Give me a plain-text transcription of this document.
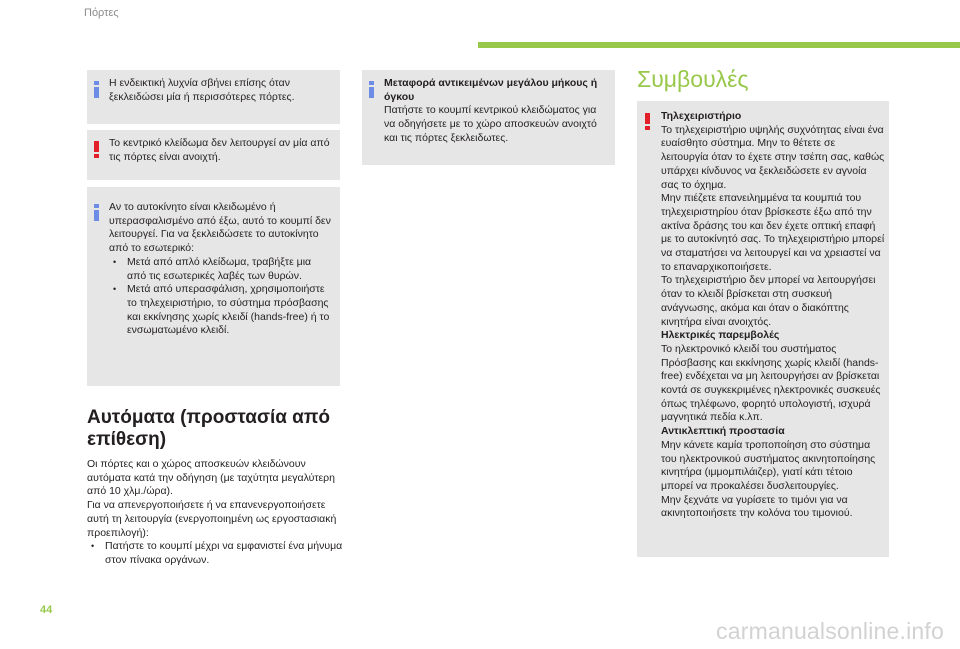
Πόρτες

Η ενδεικτική λυχνία σβήνει επίσης όταν ξεκλειδώσει μία ή περισσότερες πόρτες.

Το κεντρικό κλείδωμα δεν λειτουργεί αν μία από τις πόρτες είναι ανοιχτή.

Αν το αυτοκίνητο είναι κλειδωμένο ή υπερασφαλισμένο από έξω, αυτό το κουμπί δεν λειτουργεί. Για να ξεκλειδώσετε το αυτοκίνητο από το εσωτερικό:

• Μετά από απλό κλείδωμα, τραβήξτε μια από τις εσωτερικές λαβές των θυρών.
• Μετά από υπερασφάλιση, χρησιμοποιήστε το τηλεχειριστήριο, το σύστημα πρόσβασης και εκκίνησης χωρίς κλειδί (hands-free) ή το ενσωματωμένο κλειδί.
Αυτόματα (προστασία από επίθεση)

Οι πόρτες και ο χώρος αποσκευών κλειδώνουν αυτόματα κατά την οδήγηση (με ταχύτητα μεγαλύτερη από 10 χλμ./ώρα).

Για να απενεργοποιήσετε ή να επανενεργοποιήσετε αυτή τη λειτουργία (ενεργοποιημένη ως εργοστασιακή προεπιλογή):

• Πατήστε το κουμπί μέχρι να εμφανιστεί ένα μήνυμα στον πίνακα οργάνων.

Μεταφορά αντικειμένων μεγάλου μήκους ή όγκου

Πατήστε το κουμπί κεντρικού κλειδώματος για να οδηγήσετε με το χώρο αποσκευών ανοιχτό και τις πόρτες ξεκλειδωτες.

Συμβουλές

Τηλεχειριστήριο

Το τηλεχειριστήριο υψηλής συχνότητας είναι ένα ευαίσθητο σύστημα. Μην το θέτετε σε λειτουργία όταν το έχετε στην τσέπη σας, καθώς υπάρχει κίνδυνος να ξεκλειδώσετε εν αγνοία σας το όχημα.

Μην πιέζετε επανειλημμένα τα κουμπιά του τηλεχειριστηρίου όταν βρίσκεστε έξω από την ακτίνα δράσης του και δεν έχετε οπτική επαφή με το αυτοκίνητό σας. Το τηλεχειριστήριο μπορεί να σταματήσει να λειτουργεί και να χρειαστεί να το επαναρχικοποιήσετε.

Το τηλεχειριστήριο δεν μπορεί να λειτουργήσει όταν το κλειδί βρίσκεται στη συσκευή ανάγνωσης, ακόμα και όταν ο διακόπτης κινητήρα είναι ανοιχτός.

Ηλεκτρικές παρεμβολές

Το ηλεκτρονικό κλειδί του συστήματος Πρόσβασης και εκκίνησης χωρίς κλειδί (hands-free) ενδέχεται να μη λειτουργήσει αν βρίσκεται κοντά σε συγκεκριμένες ηλεκτρονικές συσκευές όπως τηλέφωνο, φορητό υπολογιστή, ισχυρά μαγνητικά πεδία κ.λπ.

Αντικλεπτική προστασία

Μην κάνετε καμία τροποποίηση στο σύστημα του ηλεκτρονικού συστήματος ακινητοποίησης κινητήρα (ιμμομπιλάιζερ), γιατί κάτι τέτοιο μπορεί να προκαλέσει δυσλειτουργίες.

Μην ξεχνάτε να γυρίσετε το τιμόνι για να ακινητοποιήσετε την κολόνα του τιμονιού.

44
carmanualsonline.info
